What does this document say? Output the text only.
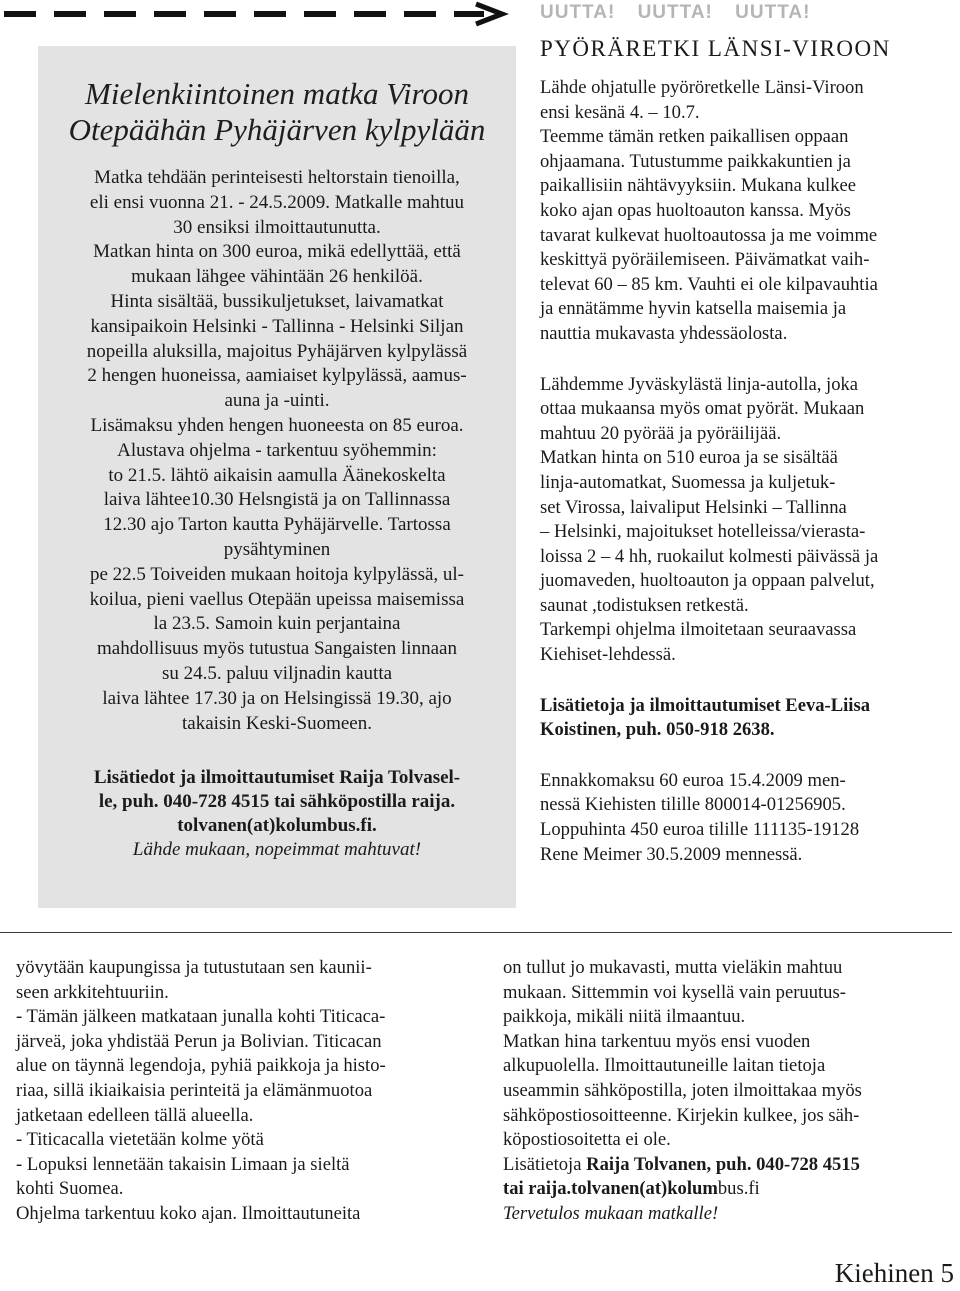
Mielenkiintoinen matka Viroon
Otepäähän Pyhäjärven kylpylään

Matka tehdään perinteisesti heltorstain tienoilla,

eli ensi vuonna 21. - 24.5.2009. Matkalle mahtuu

30 ensiksi ilmoittautunutta.

Matkan hinta on 300 euroa, mikä edellyttää, että

mukaan lähgee vähintään 26 henkilöä.

Hinta sisältää, bussikuljetukset, laivamatkat

kansipaikoin Helsinki - Tallinna - Helsinki Siljan

nopeilla aluksilla, majoitus Pyhäjärven kylpylässä

2 hengen huoneissa, aamiaiset kylpylässä, aamus-

auna ja -uinti.

Lisämaksu yhden hengen huoneesta on 85 euroa.

Alustava ohjelma - tarkentuu syöhemmin:

to 21.5. lähtö aikaisin aamulla Äänekoskelta

laiva lähtee10.30 Helsngistä ja on Tallinnassa

12.30 ajo Tarton kautta Pyhäjärvelle. Tartossa

pysähtyminen

pe 22.5 Toiveiden mukaan hoitoja kylpylässä, ul-

koilua, pieni vaellus Otepään upeissa maisemissa

la 23.5. Samoin kuin perjantaina

mahdollisuus myös tutustua Sangaisten linnaan

su 24.5. paluu viljnadin kautta

laiva lähtee 17.30 ja on Helsingissä 19.30, ajo

takaisin Keski-Suomeen.

Lisätiedot ja ilmoittautumiset Raija Tolvasel-
le, puh. 040-728 4515 tai sähköpostilla raija.
tolvanen(at)kolumbus.fi.
Lähde mukaan, nopeimmat mahtuvat!
UUTTA! UUTTA! UUTTA!
PYÖRÄRETKI LÄNSI-VIROON

Lähde ohjatulle pyöröretkelle Länsi-Viroon

ensi kesänä 4. – 10.7.

Teemme tämän retken paikallisen oppaan

ohjaamana. Tutustumme paikkakuntien ja

paikallisiin nähtävyyksiin. Mukana kulkee

koko ajan opas huoltoauton kanssa. Myös

tavarat kulkevat huoltoautossa ja me voimme

keskittyä pyöräilemiseen. Päivämatkat vaih-

televat 60 – 85 km. Vauhti ei ole kilpavauhtia

ja ennätämme hyvin katsella maisemia ja

nauttia mukavasta yhdessäolosta.

Lähdemme Jyväskylästä linja-autolla, joka

ottaa mukaansa myös omat pyörät. Mukaan

mahtuu 20 pyörää ja pyöräilijää.

Matkan hinta on 510 euroa ja se sisältää

linja-automatkat, Suomessa ja kuljetuk-

set Virossa, laivaliput Helsinki – Tallinna

– Helsinki, majoitukset hotelleissa/vierasta-

loissa 2 – 4 hh, ruokailut kolmesti päivässä ja

juomaveden, huoltoauton ja oppaan palvelut,

saunat ,todistuksen retkestä.

Tarkempi ohjelma ilmoitetaan seuraavassa

Kiehiset-lehdessä.

Lisätietoja ja ilmoittautumiset Eeva-Liisa

Koistinen, puh. 050-918 2638.

Ennakkomaksu 60 euroa 15.4.2009 men-

nessä Kiehisten tilille 800014-01256905.

Loppuhinta 450 euroa tilille 111135-19128

Rene Meimer 30.5.2009 mennessä.

yövytään kaupungissa ja tutustutaan sen kaunii-

seen arkkitehtuuriin.

- Tämän jälkeen matkataan junalla kohti Titicaca-

järveä, joka yhdistää Perun ja Bolivian. Titicacan

alue on täynnä legendoja, pyhiä paikkoja ja histo-

riaa, sillä ikiaikaisia perinteitä ja elämänmuotoa

jatketaan edelleen tällä alueella.

- Titicacalla vietetään kolme yötä

- Lopuksi lennetään takaisin Limaan ja sieltä

kohti Suomea.

Ohjelma tarkentuu koko ajan. Ilmoittautuneita

on tullut jo mukavasti, mutta vieläkin mahtuu

mukaan. Sittemmin voi kysellä vain peruutus-

paikkoja, mikäli niitä ilmaantuu.

Matkan hina tarkentuu myös ensi vuoden

alkupuolella. Ilmoittautuneille laitan tietoja

useammin sähköpostilla, joten ilmoittakaa myös

sähköpostiosoitteenne. Kirjekin kulkee, jos säh-

köpostiosoitetta ei ole.

Lisätietoja Raija Tolvanen, puh. 040-728 4515

tai raija.tolvanen(at)kolumbus.fi

Tervetulos mukaan matkalle!

Kiehinen 5
